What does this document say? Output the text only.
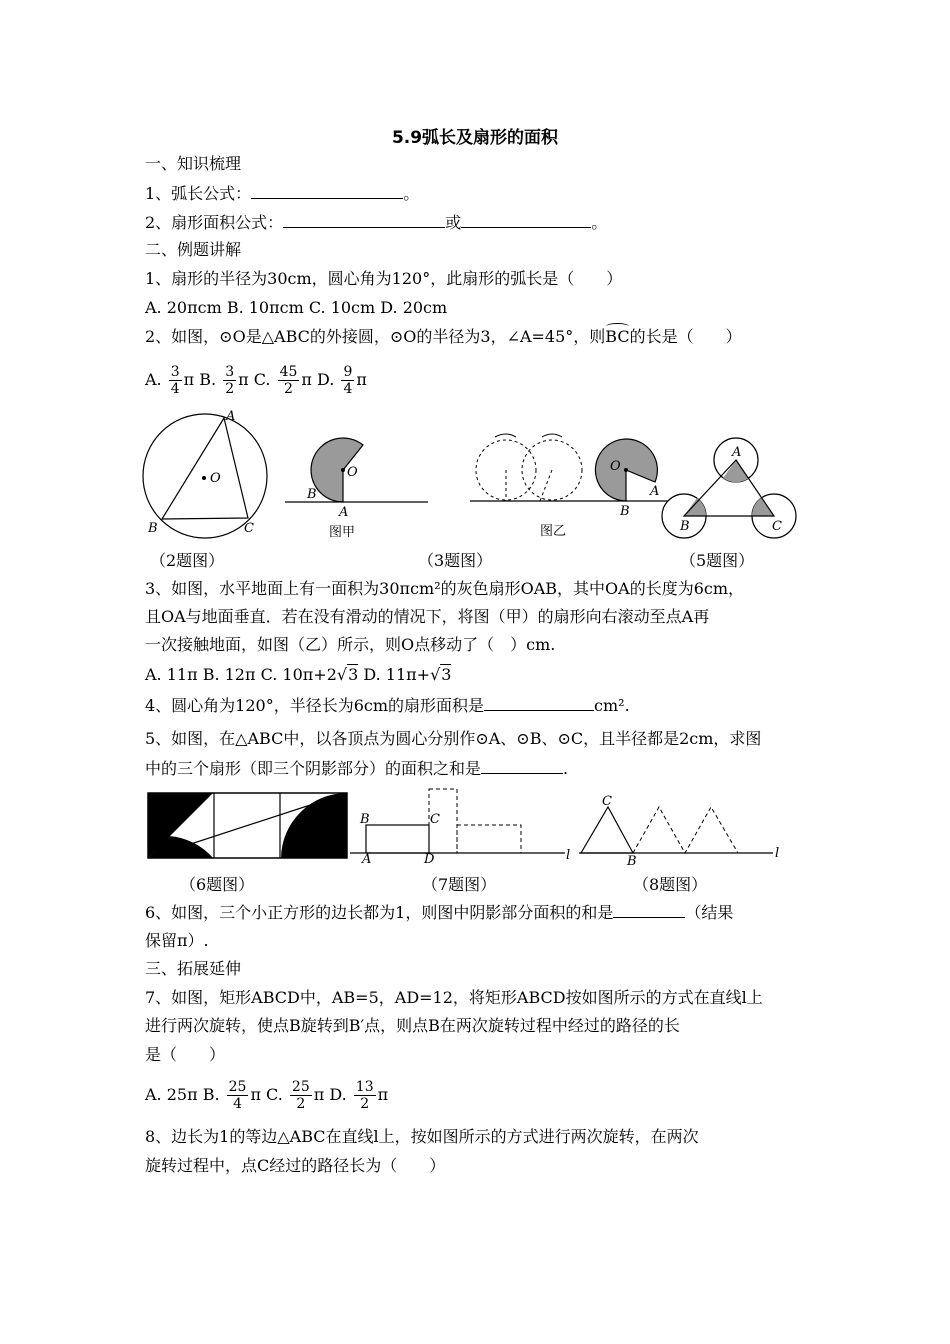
5.9弧长及扇形的面积
一、知识梳理
1、弧长公式：	。
2、扇形面积公式：	或	。
二、例题讲解
1、扇形的半径为30cm，圆心角为120°，此扇形的弧长是（　　）
A. 20πcm B. 10πcm C. 10cm D. 20cm
2、如图，⊙O是△ABC的外接圆，⊙O的半径为3，∠A=45°，则BC的长是（　　）
A. $\frac{3}{4}$ π B. $\frac{3}{2}$ π C. $\frac{45}{2}$ π D. $\frac{9}{4}$ π
O
A
B	C
O
B
A
图甲
O
A
B
图乙
A
B	C
（2题图）	（3题图）	（5题图）
3、如图，水平地面上有一面积为30πcm²的灰色扇形OAB，其中OA的长度为6cm，
且OA与地面垂直．若在没有滑动的情况下，将图（甲）的扇形向右滚动至点A再
一次接触地面，如图（乙）所示，则O点移动了（　）cm.
A. 11π B. 12π C. 10π+2√3 D. 11π+√3
4、圆心角为120°，半径长为6cm的扇形面积是	cm².
5、如图，在△ABC中，以各顶点为圆心分别作⊙A、⊙B、⊙C，且半径都是2cm，求图
中的三个扇形（即三个阴影部分）的面积之和是	.
B
A
C
D	l
C
B
l
（6题图）	（7题图）	（8题图）
6、如图，三个小正方形的边长都为1，则图中阴影部分面积的和是	（结果
保留π）.
三、拓展延伸
7、如图，矩形ABCD中，AB=5，AD=12，将矩形ABCD按如图所示的方式在直线l上
进行两次旋转，使点B旋转到B′点，则点B在两次旋转过程中经过的路径的长
是（　　）
A. 25π B. $\frac{25}{4}$ π C. $\frac{25}{2}$ π D. $\frac{13}{2}$ π
8、边长为1的等边△ABC在直线l上，按如图所示的方式进行两次旋转，在两次
旋转过程中，点C经过的路径长为（　　）
